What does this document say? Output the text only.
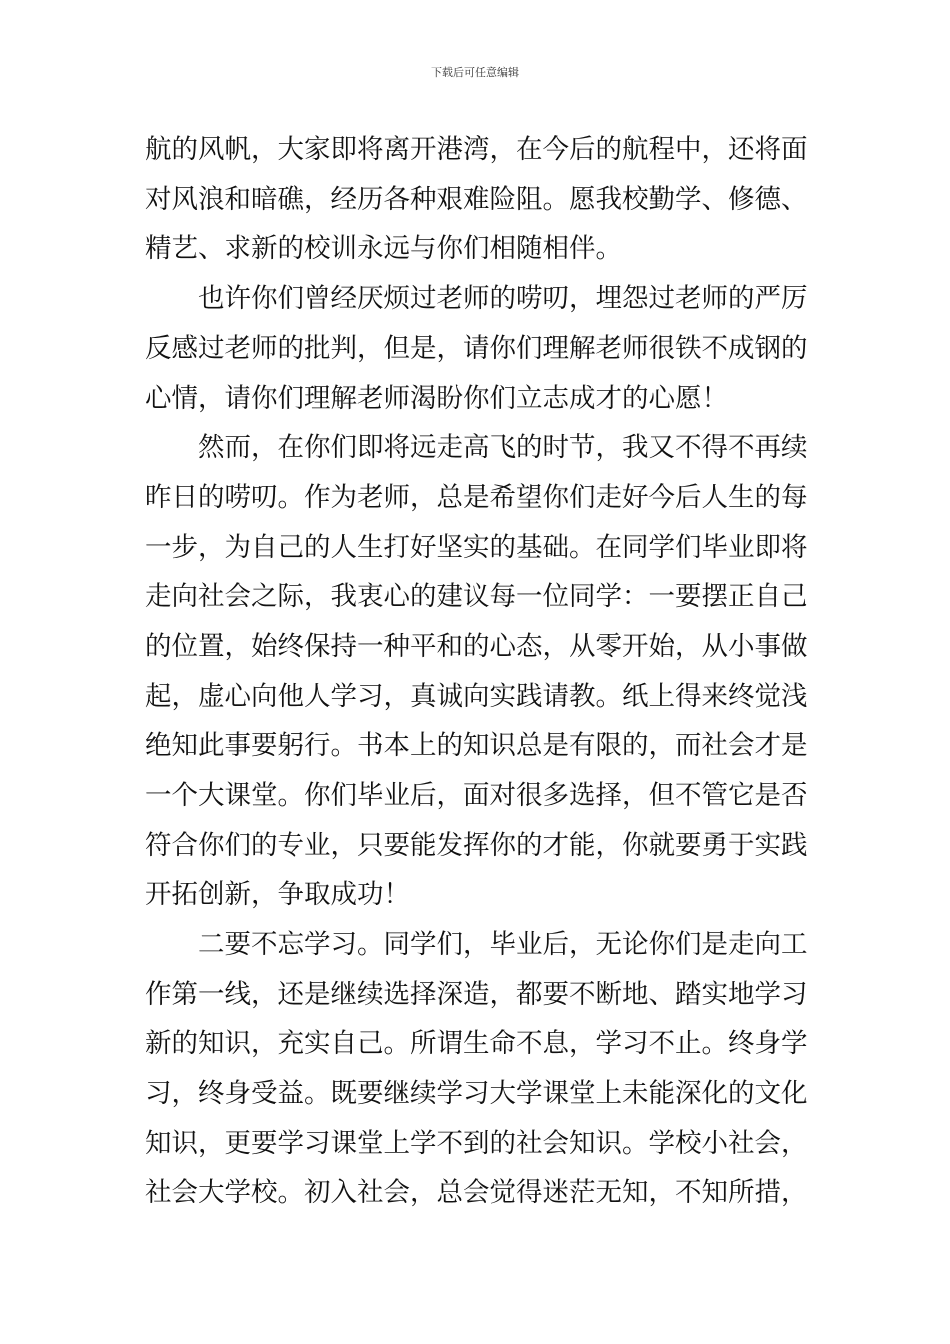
下载后可任意编辑
航的风帆，大家即将离开港湾，在今后的航程中，还将面
对风浪和暗礁，经历各种艰难险阻。愿我校勤学、修德、
精艺、求新的校训永远与你们相随相伴。
也许你们曾经厌烦过老师的唠叨，埋怨过老师的严厉
反感过老师的批判，但是，请你们理解老师很铁不成钢的
心情，请你们理解老师渴盼你们立志成才的心愿！
然而，在你们即将远走高飞的时节，我又不得不再续
昨日的唠叨。作为老师，总是希望你们走好今后人生的每
一步，为自己的人生打好坚实的基础。在同学们毕业即将
走向社会之际，我衷心的建议每一位同学：一要摆正自己
的位置，始终保持一种平和的心态，从零开始，从小事做
起，虚心向他人学习，真诚向实践请教。纸上得来终觉浅
绝知此事要躬行。书本上的知识总是有限的，而社会才是
一个大课堂。你们毕业后，面对很多选择，但不管它是否
符合你们的专业，只要能发挥你的才能，你就要勇于实践
开拓创新，争取成功！
二要不忘学习。同学们，毕业后，无论你们是走向工
作第一线，还是继续选择深造，都要不断地、踏实地学习
新的知识，充实自己。所谓生命不息，学习不止。终身学
习，终身受益。既要继续学习大学课堂上未能深化的文化
知识，更要学习课堂上学不到的社会知识。学校小社会，
社会大学校。初入社会，总会觉得迷茫无知，不知所措，
